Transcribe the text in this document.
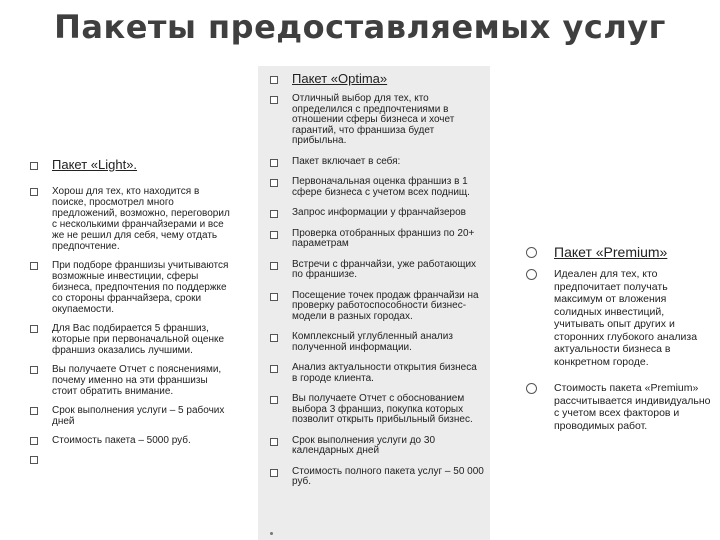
Пакеты предоставляемых услуг
Пакет «Light».
Хорош для тех, кто находится в поиске, просмотрел много предложений, возможно, переговорил с несколькими франчайзерами и все же не решил для себя, чему отдать предпочтение.
При подборе франшизы учитываются возможные инвестиции, сферы бизнеса, предпочтения по поддержке со стороны франчайзера, сроки окупаемости.
Для Вас подбирается 5 франшиз, которые при первоначальной оценке франшиз оказались лучшими.
Вы получаете Отчет с пояснениями, почему именно на эти франшизы стоит обратить внимание.
Срок выполнения услуги – 5 рабочих дней
Стоимость пакета – 5000 руб.
Пакет «Optima»
Отличный выбор для тех, кто определился с предпочтениями в отношении сферы бизнеса и хочет гарантий, что франшиза будет прибыльна.
Пакет включает в себя:
Первоначальная оценка франшиз в 1 сфере бизнеса с учетом всех поднищ.
Запрос информации у франчайзеров
Проверка отобранных франшиз по 20+ параметрам
Встречи с франчайзи, уже работающих по франшизе.
Посещение точек продаж франчайзи на проверку работоспособности бизнес-модели в разных городах.
Комплексный углубленный анализ полученной информации.
Анализ актуальности открытия бизнеса в городе клиента.
Вы получаете Отчет с обоснованием выбора 3 франшиз, покупка которых позволит открыть прибыльный бизнес.
Срок выполнения услуги до 30 календарных дней
Стоимость полного пакета услуг – 50 000 руб.
Пакет «Premium»
Идеален для тех, кто предпочитает получать максимум от вложения солидных инвестиций, учитывать опыт других и сторонних глубокого анализа актуальности бизнеса в конкретном городе.
Стоимость пакета «Premium» рассчитывается индивидуально с учетом всех факторов и проводимых работ.
